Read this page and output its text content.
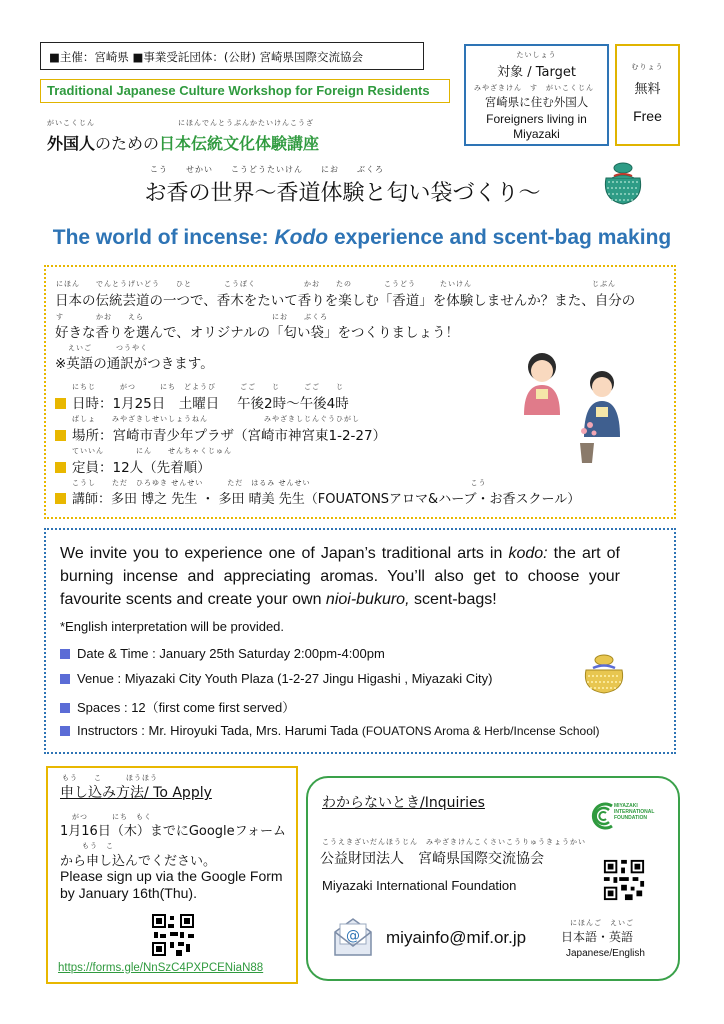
■主催：宮崎県 ■事業受託団体：(公財) 宮崎県国際交流協会
Traditional Japanese Culture Workshop for Foreign Residents
がいこくじん	にほんでんとうぶんかたいけんこうざ
外国人のための日本伝統文化体験講座
たいしょう
対象 / Target
みやざきけん　す　がいこくじん
宮崎県に住む外国人
Foreigners living in Miyazaki
むりょう
無料
Free
こう　　せかい　　こうどうたいけん　　にお　　ぶくろ
お香の世界〜香道体験と匂い袋づくり〜
The world of incense: Kodo experience and scent-bag making
にほん　　でんとうげいどう　　ひと　　　　こうぼく　　　　　　かお　　たの　　　　こうどう　　　たいけん　　　　　　　　　　　　　　　じぶん
日本の伝統芸道の一つで、香木をたいて香りを楽しむ「香道」を体験しませんか？また、自分の
す　　　　かお　　えら　　　　　　　　　　　　　　　　にお　　ぶくろ
好きな香りを選んで、オリジナルの「匂い袋」をつくりましょう！
えいご　　　つうやく
※英語の通訳がつきます。
にちじ　　　がつ　　　にち　どようび　　　ごご　　じ　　　ごご　　じ
日時：1月25日　土曜日　 午後2時〜午後4時
ばしょ　　みやざきしせいしょうねん　　　　　　　みやざきしじんぐうひがし
場所：宮崎市青少年プラザ（宮崎市神宮東1-2-27）
ていいん　　　　にん　　せんちゃくじゅん
定員：12人（先着順）
こうし　　ただ　ひろゆき せんせい　　　ただ　はるみ せんせい　　　　　　　　　　　　　　　　　　　　こう
講師：多田 博之 先生 ・ 多田 晴美 先生（FOUATONSアロマ&ハーブ・お香スクール）
We invite you to experience one of Japan’s traditional arts in kodo: the art of burning incense and appreciating aromas. You’ll also get to choose your favourite scents and create your own nioi-bukuro, scent-bags!
*English interpretation will be provided.
Date & Time : January 25th Saturday 2:00pm-4:00pm
Venue : Miyazaki City Youth Plaza (1-2-27 Jingu Higashi , Miyazaki City)
Spaces : 12（first come first served）
Instructors : Mr. Hiroyuki Tada, Mrs. Harumi Tada (FOUATONS Aroma & Herb/Incense School)
もう　　こ　　　ほうほう
申し込み方法/ To Apply
がつ　　　にち　もく
1月16日（木）までにGoogleフォーム
もう　こ
から申し込んでください。
Please sign up via the Google Form by January 16th(Thu).
https://forms.gle/NnSzC4PXPCENiaN88
わからないとき/Inquiries	MIYAZAKI INTERNATIONAL FOUNDATION
こうえきざいだんほうじん　みやざきけんこくさいこうりゅうきょうかい
公益財団法人　宮崎県国際交流協会
Miyazaki International Foundation
@ miyainfo@mif.or.jp
にほんご　えいご
日本語・英語
Japanese/English
